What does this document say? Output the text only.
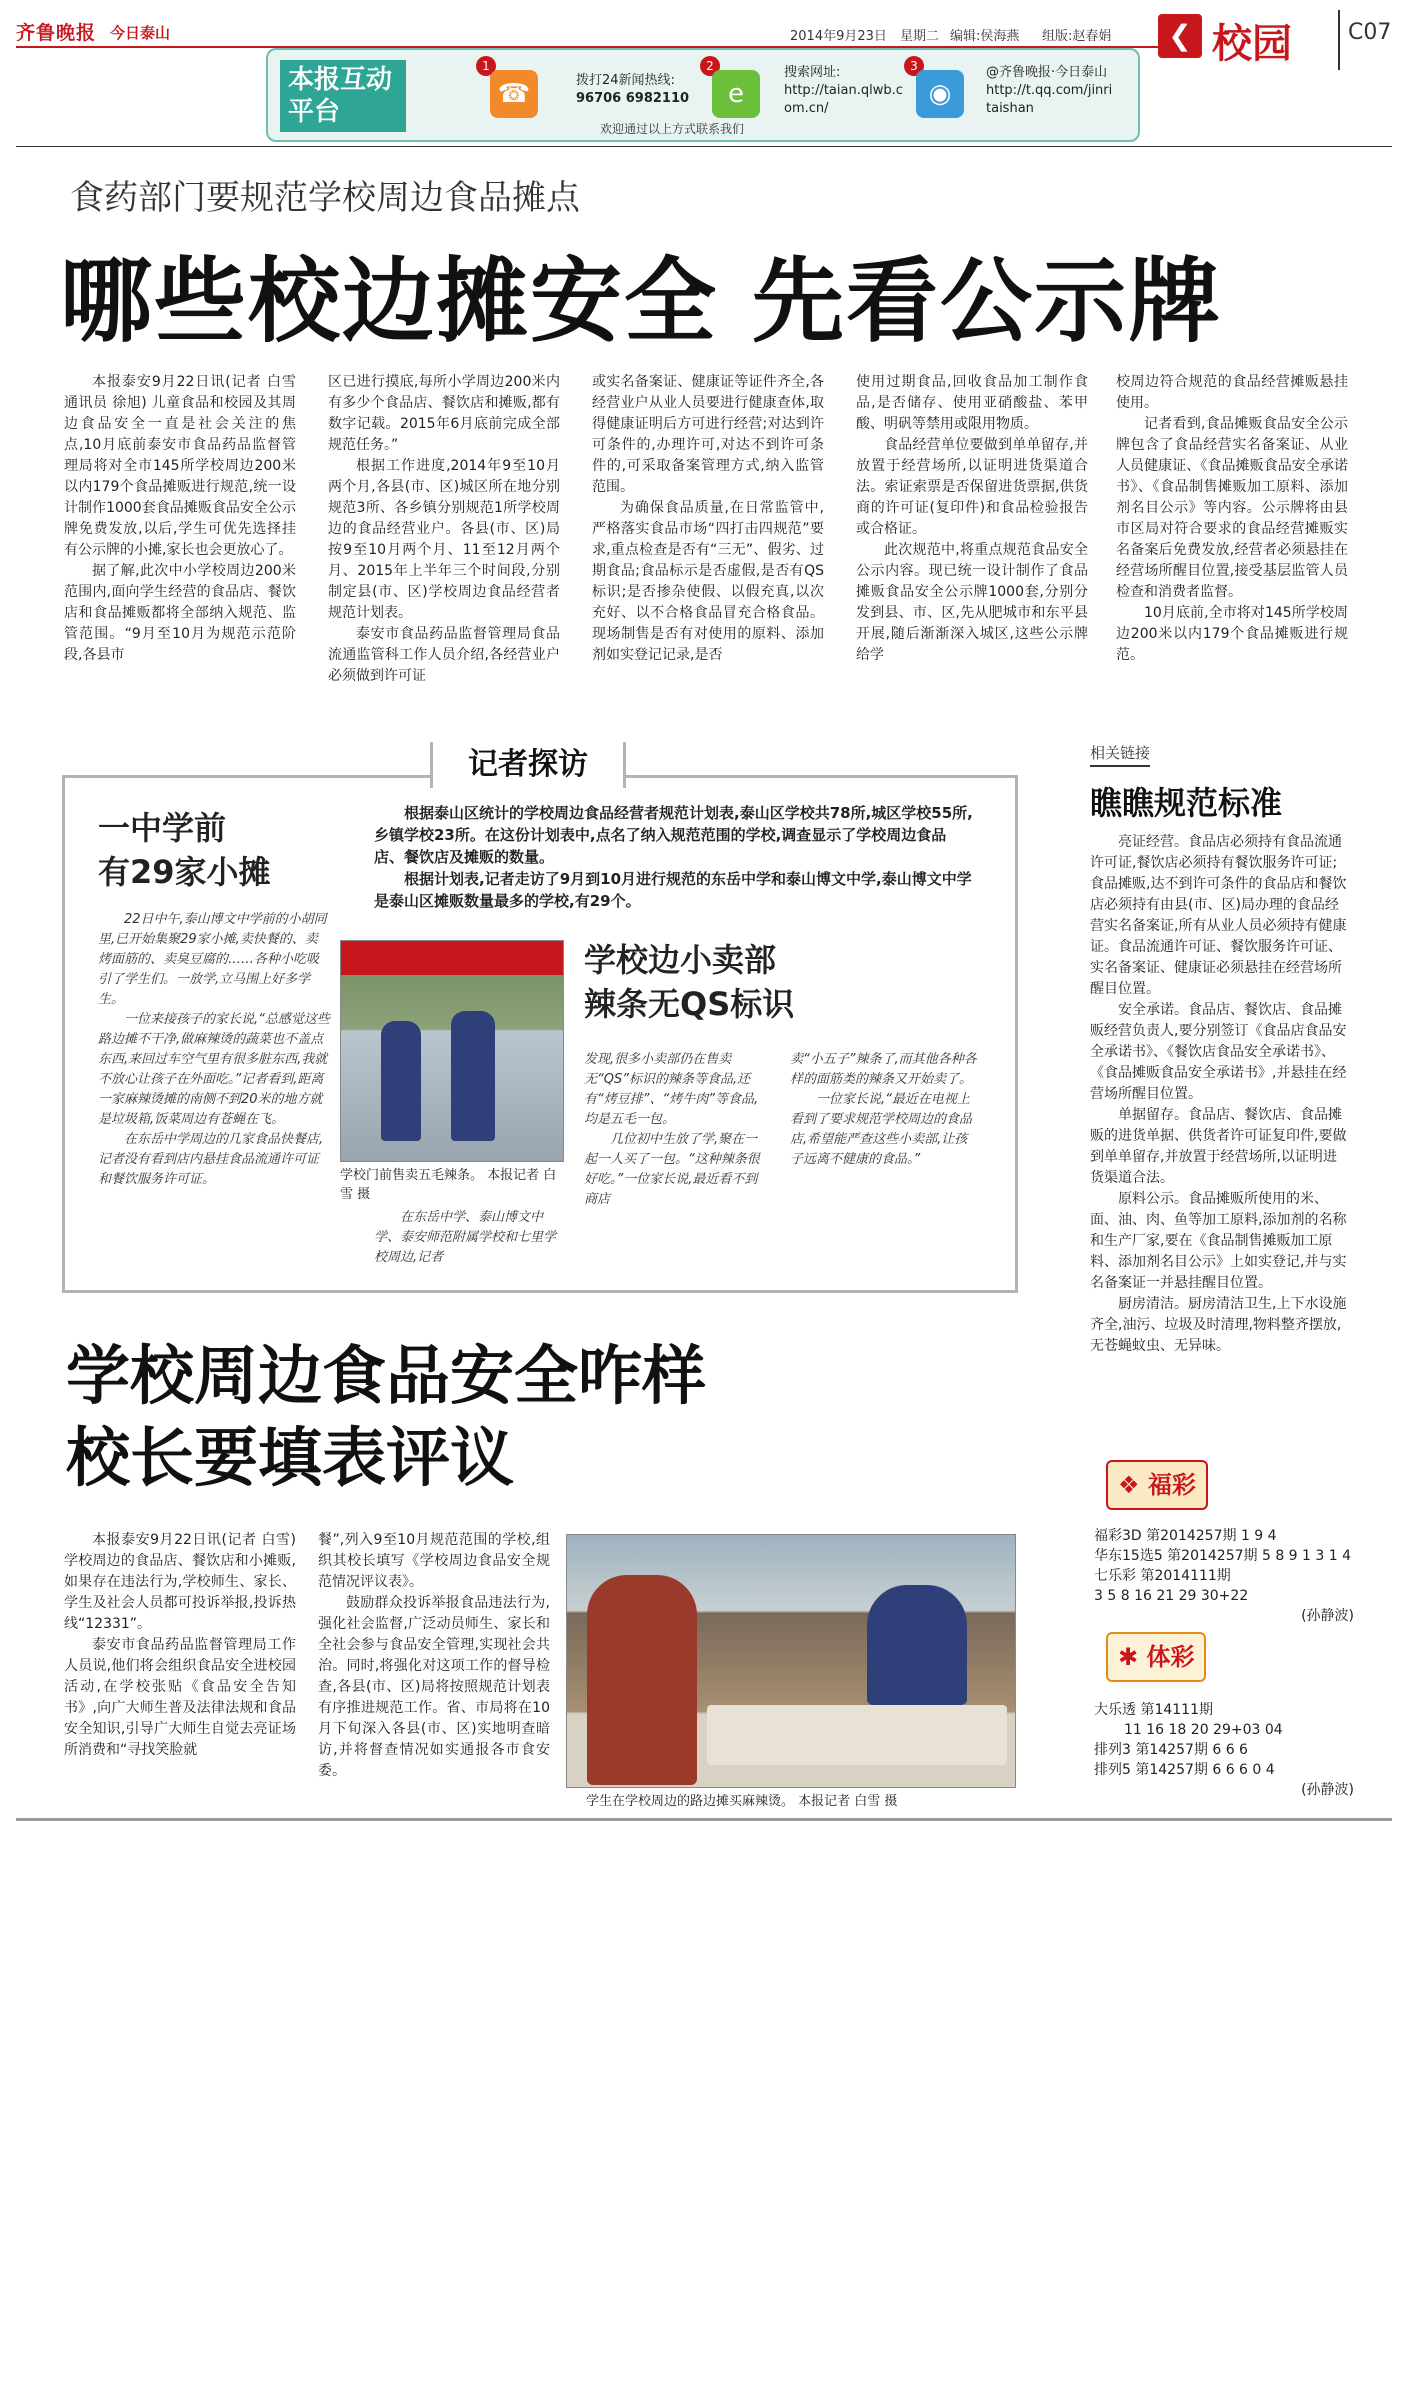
齐鲁晚报 今日泰山	2014年9月23日 星期二 编辑:侯海燕 组版:赵春娟	❮ 校园	C07
本报互动平台
1
☎	拨打24新闻热线:
96706 6982110
2
e
搜索网址:
http://taian.qlwb.com.cn/
3
◉
@齐鲁晚报·今日泰山
http://t.qq.com/jinritaishan
欢迎通过以上方式联系我们
食药部门要规范学校周边食品摊点
哪些校边摊安全 先看公示牌

本报泰安9月22日讯(记者 白雪 通讯员 徐旭) 儿童食品和校园及其周边食品安全一直是社会关注的焦点,10月底前泰安市食品药品监督管理局将对全市145所学校周边200米以内179个食品摊贩进行规范,统一设计制作1000套食品摊贩食品安全公示牌免费发放,以后,学生可优先选择挂有公示牌的小摊,家长也会更放心了。

据了解,此次中小学校周边200米范围内,面向学生经营的食品店、餐饮店和食品摊贩都将全部纳入规范、监管范围。“9月至10月为规范示范阶段,各县市

区已进行摸底,每所小学周边200米内有多少个食品店、餐饮店和摊贩,都有数字记载。2015年6月底前完成全部规范任务。”

根据工作进度,2014年9至10月两个月,各县(市、区)城区所在地分别规范3所、各乡镇分别规范1所学校周边的食品经营业户。各县(市、区)局按9至10月两个月、11至12月两个月、2015年上半年三个时间段,分别制定县(市、区)学校周边食品经营者规范计划表。

泰安市食品药品监督管理局食品流通监管科工作人员介绍,各经营业户必须做到许可证

或实名备案证、健康证等证件齐全,各经营业户从业人员要进行健康查体,取得健康证明后方可进行经营;对达到许可条件的,办理许可,对达不到许可条件的,可采取备案管理方式,纳入监管范围。

为确保食品质量,在日常监管中,严格落实食品市场“四打击四规范”要求,重点检查是否有“三无”、假劣、过期食品;食品标示是否虚假,是否有QS标识;是否掺杂使假、以假充真,以次充好、以不合格食品冒充合格食品。现场制售是否有对使用的原料、添加剂如实登记记录,是否

使用过期食品,回收食品加工制作食品,是否储存、使用亚硝酸盐、苯甲酸、明矾等禁用或限用物质。

食品经营单位要做到单单留存,并放置于经营场所,以证明进货渠道合法。索证索票是否保留进货票据,供货商的许可证(复印件)和食品检验报告或合格证。

此次规范中,将重点规范食品安全公示内容。现已统一设计制作了食品摊贩食品安全公示牌1000套,分别分发到县、市、区,先从肥城市和东平县开展,随后渐渐深入城区,这些公示牌给学

校周边符合规范的食品经营摊贩悬挂使用。

记者看到,食品摊贩食品安全公示牌包含了食品经营实名备案证、从业人员健康证、《食品摊贩食品安全承诺书》、《食品制售摊贩加工原料、添加剂名目公示》等内容。公示牌将由县市区局对符合要求的食品经营摊贩实名备案后免费发放,经营者必须悬挂在经营场所醒目位置,接受基层监管人员检查和消费者监督。

10月底前,全市将对145所学校周边200米以内179个食品摊贩进行规范。

记者探访
一中学前
有29家小摊

根据泰山区统计的学校周边食品经营者规范计划表,泰山区学校共78所,城区学校55所,乡镇学校23所。在这份计划表中,点名了纳入规范范围的学校,调查显示了学校周边食品店、餐饮店及摊贩的数量。

根据计划表,记者走访了9月到10月进行规范的东岳中学和泰山博文中学,泰山博文中学是泰山区摊贩数量最多的学校,有29个。

22日中午,泰山博文中学前的小胡同里,已开始集聚29家小摊,卖快餐的、卖烤面筋的、卖臭豆腐的……各种小吃吸引了学生们。一放学,立马围上好多学生。

一位来接孩子的家长说,“总感觉这些路边摊不干净,做麻辣烫的蔬菜也不盖点东西,来回过车空气里有很多脏东西,我就不放心让孩子在外面吃。”记者看到,距离一家麻辣烫摊的南侧不到20米的地方就是垃圾箱,饭菜周边有苍蝇在飞。

在东岳中学周边的几家食品快餐店,记者没有看到店内悬挂食品流通许可证和餐饮服务许可证。	学校门前售卖五毛辣条。 本报记者 白雪 摄

在东岳中学、泰山博文中学、泰安师范附属学校和七里学校周边,记者

学校边小卖部
辣条无QS标识

发现,很多小卖部仍在售卖无“QS”标识的辣条等食品,还有“烤豆排”、“烤牛肉”等食品,均是五毛一包。

几位初中生放了学,聚在一起一人买了一包。“这种辣条很好吃。”一位家长说,最近看不到商店

卖“小五子”辣条了,而其他各种各样的面筋类的辣条又开始卖了。

一位家长说,“最近在电视上看到了要求规范学校周边的食品店,希望能严查这些小卖部,让孩子远离不健康的食品。”

相关链接
瞧瞧规范标准

亮证经营。食品店必须持有食品流通许可证,餐饮店必须持有餐饮服务许可证;食品摊贩,达不到许可条件的食品店和餐饮店必须持有由县(市、区)局办理的食品经营实名备案证,所有从业人员必须持有健康证。食品流通许可证、餐饮服务许可证、实名备案证、健康证必须悬挂在经营场所醒目位置。

安全承诺。食品店、餐饮店、食品摊贩经营负责人,要分别签订《食品店食品安全承诺书》、《餐饮店食品安全承诺书》、《食品摊贩食品安全承诺书》,并悬挂在经营场所醒目位置。

单据留存。食品店、餐饮店、食品摊贩的进货单据、供货者许可证复印件,要做到单单留存,并放置于经营场所,以证明进货渠道合法。

原料公示。食品摊贩所使用的米、面、油、肉、鱼等加工原料,添加剂的名称和生产厂家,要在《食品制售摊贩加工原料、添加剂名目公示》上如实登记,并与实名备案证一并悬挂醒目位置。

厨房清洁。厨房清洁卫生,上下水设施齐全,油污、垃圾及时清理,物料整齐摆放,无苍蝇蚊虫、无异味。

❖ 福彩
福彩3D 第2014257期 1 9 4
华东15选5 第2014257期 5 8 9 1 3 1 4
七乐彩 第2014111期
3 5 8 16 21 29 30+22
(孙静波)
✱ 体彩
大乐透 第14111期
11 16 18 20 29+03 04
排列3 第14257期 6 6 6
排列5 第14257期 6 6 6 0 4
(孙静波)
学校周边食品安全咋样
校长要填表评议

本报泰安9月22日讯(记者 白雪) 学校周边的食品店、餐饮店和小摊贩,如果存在违法行为,学校师生、家长、学生及社会人员都可投诉举报,投诉热线“12331”。

泰安市食品药品监督管理局工作人员说,他们将会组织食品安全进校园活动,在学校张贴《食品安全告知书》,向广大师生普及法律法规和食品安全知识,引导广大师生自觉去亮证场所消费和“寻找笑脸就

餐”,列入9至10月规范范围的学校,组织其校长填写《学校周边食品安全规范情况评议表》。

鼓励群众投诉举报食品违法行为,强化社会监督,广泛动员师生、家长和全社会参与食品安全管理,实现社会共治。同时,将强化对这项工作的督导检查,各县(市、区)局将按照规范计划表有序推进规范工作。省、市局将在10月下旬深入各县(市、区)实地明查暗访,并将督查情况如实通报各市食安委。

学生在学校周边的路边摊买麻辣烫。 本报记者 白雪 摄
